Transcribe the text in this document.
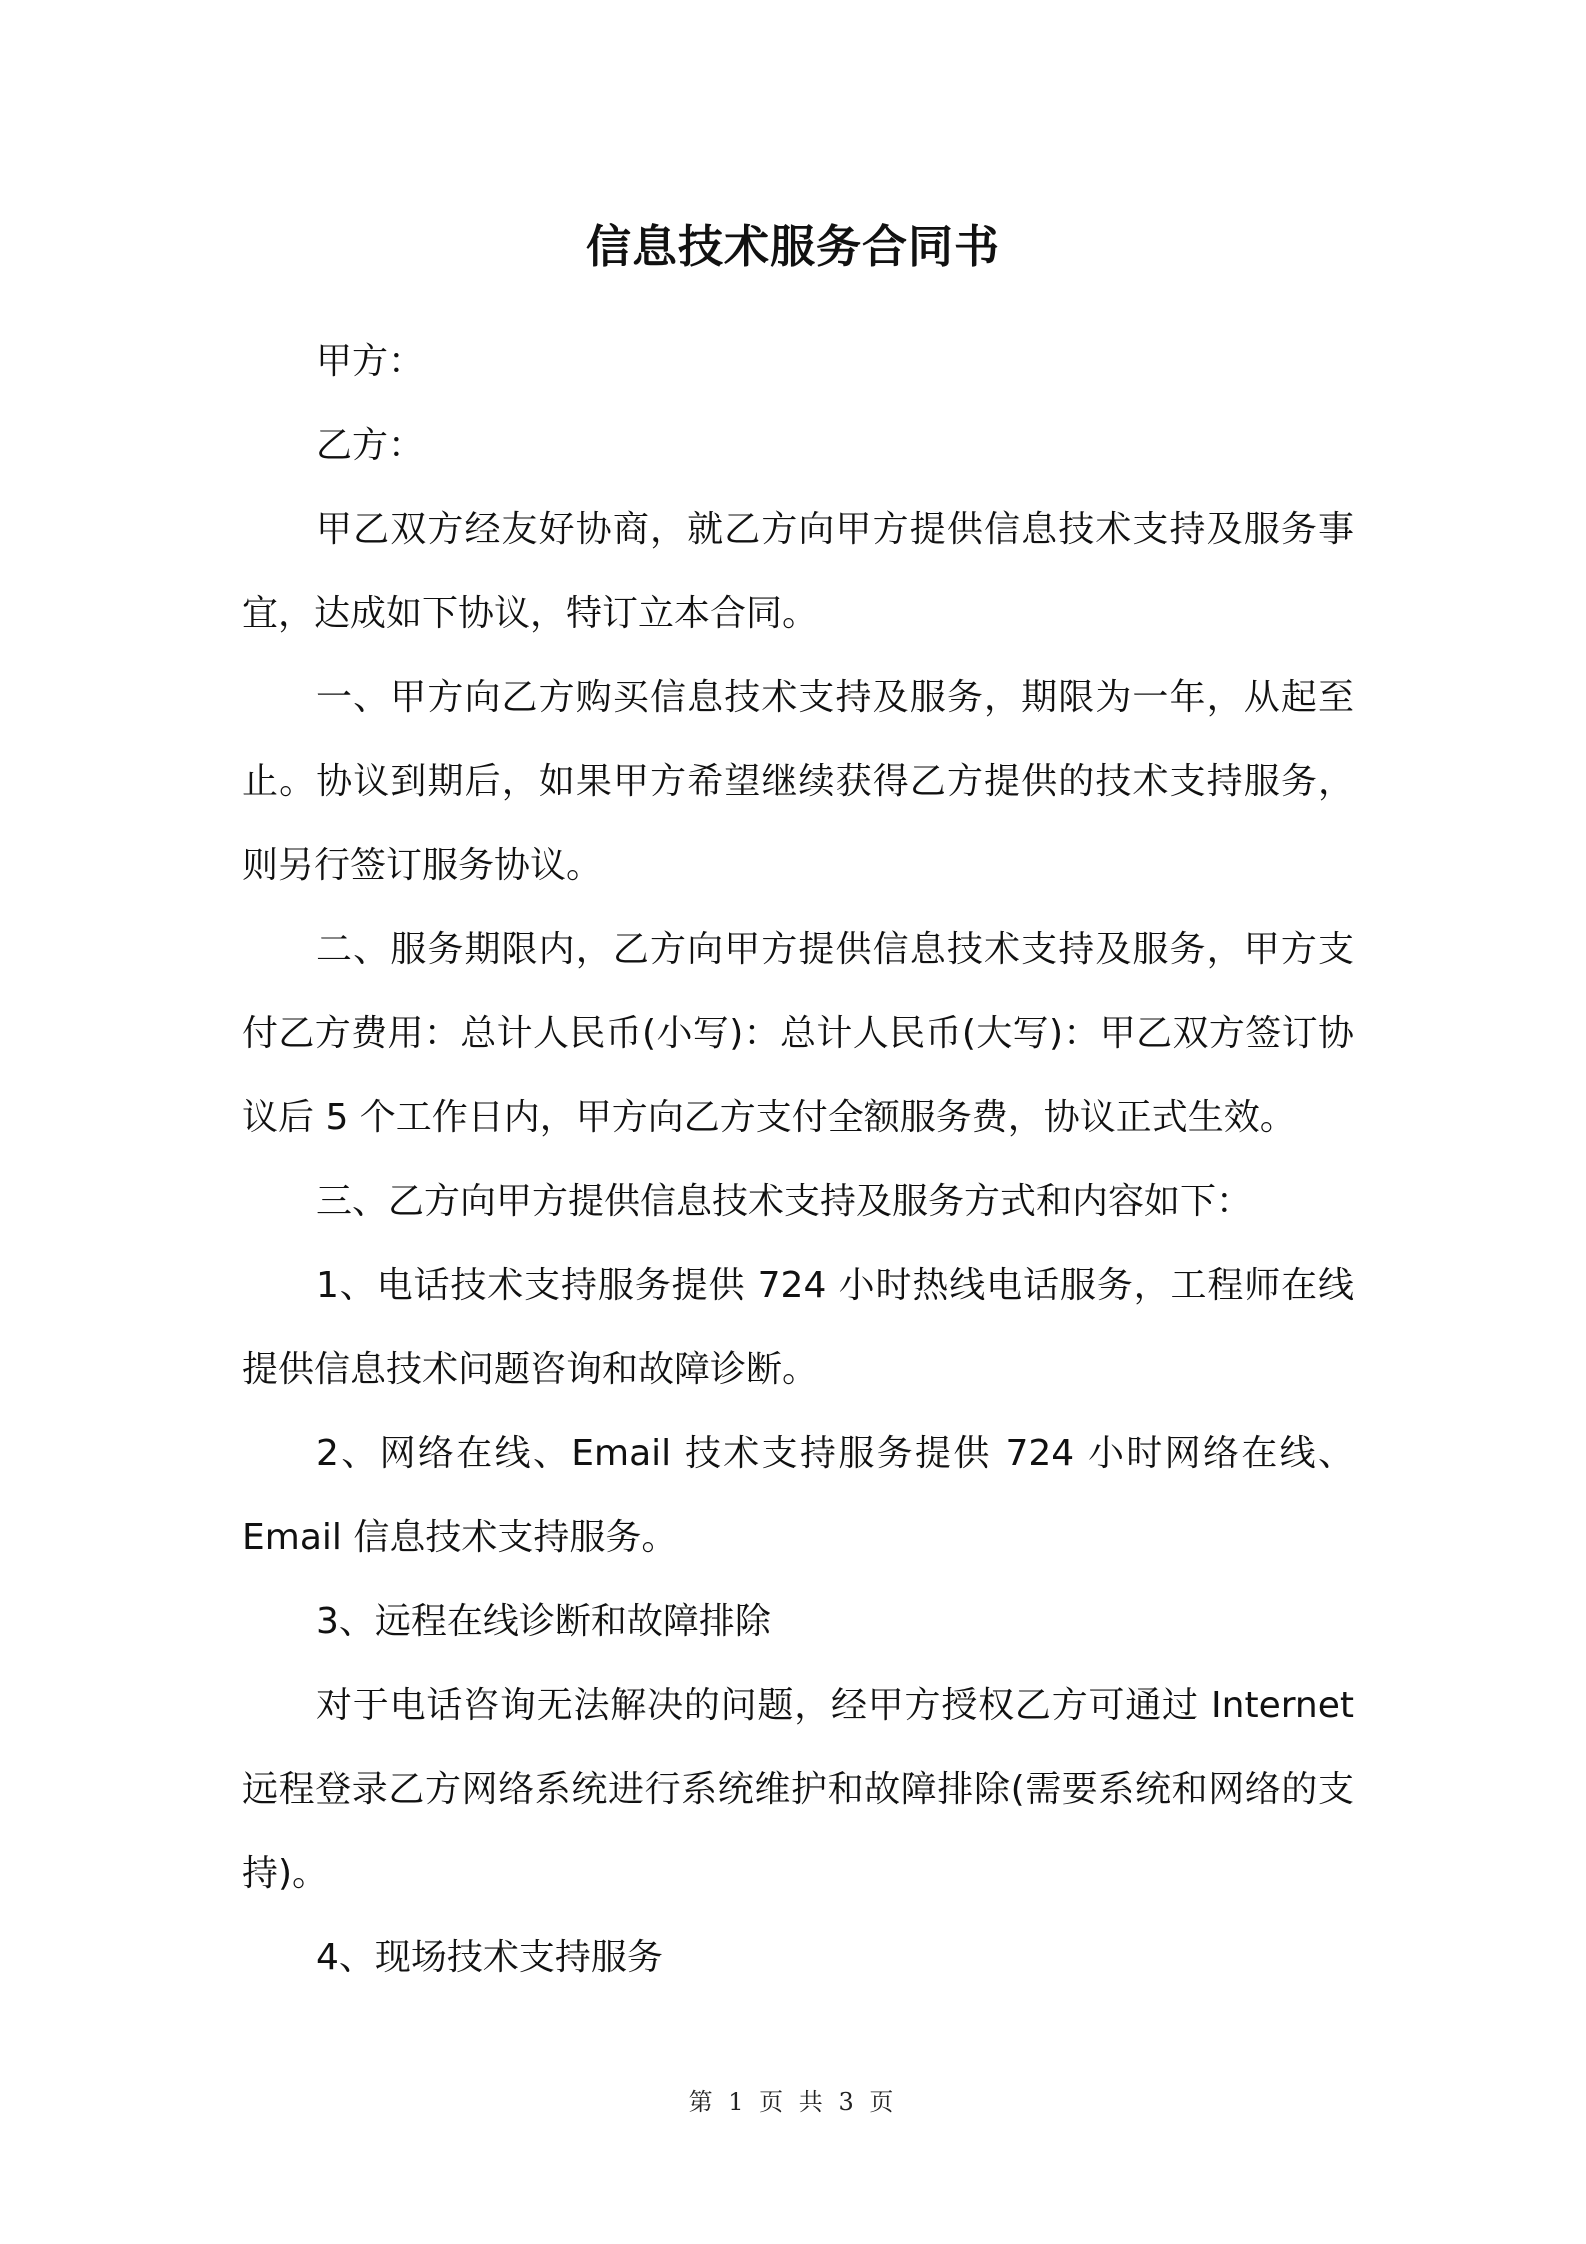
信息技术服务合同书

甲方：

乙方：

甲乙双方经友好协商，就乙方向甲方提供信息技术支持及服务事宜，达成如下协议，特订立本合同。

一、甲方向乙方购买信息技术支持及服务，期限为一年，从起至止。协议到期后，如果甲方希望继续获得乙方提供的技术支持服务，则另行签订服务协议。

二、服务期限内，乙方向甲方提供信息技术支持及服务，甲方支付乙方费用：总计人民币(小写)：总计人民币(大写)：甲乙双方签订协议后 5 个工作日内，甲方向乙方支付全额服务费，协议正式生效。

三、乙方向甲方提供信息技术支持及服务方式和内容如下：

1、电话技术支持服务提供 724 小时热线电话服务，工程师在线提供信息技术问题咨询和故障诊断。

2、网络在线、Email 技术支持服务提供 724 小时网络在线、Email 信息技术支持服务。

3、远程在线诊断和故障排除

对于电话咨询无法解决的问题，经甲方授权乙方可通过 Internet 远程登录乙方网络系统进行系统维护和故障排除(需要系统和网络的支持)。

4、现场技术支持服务

第 1 页 共 3 页
